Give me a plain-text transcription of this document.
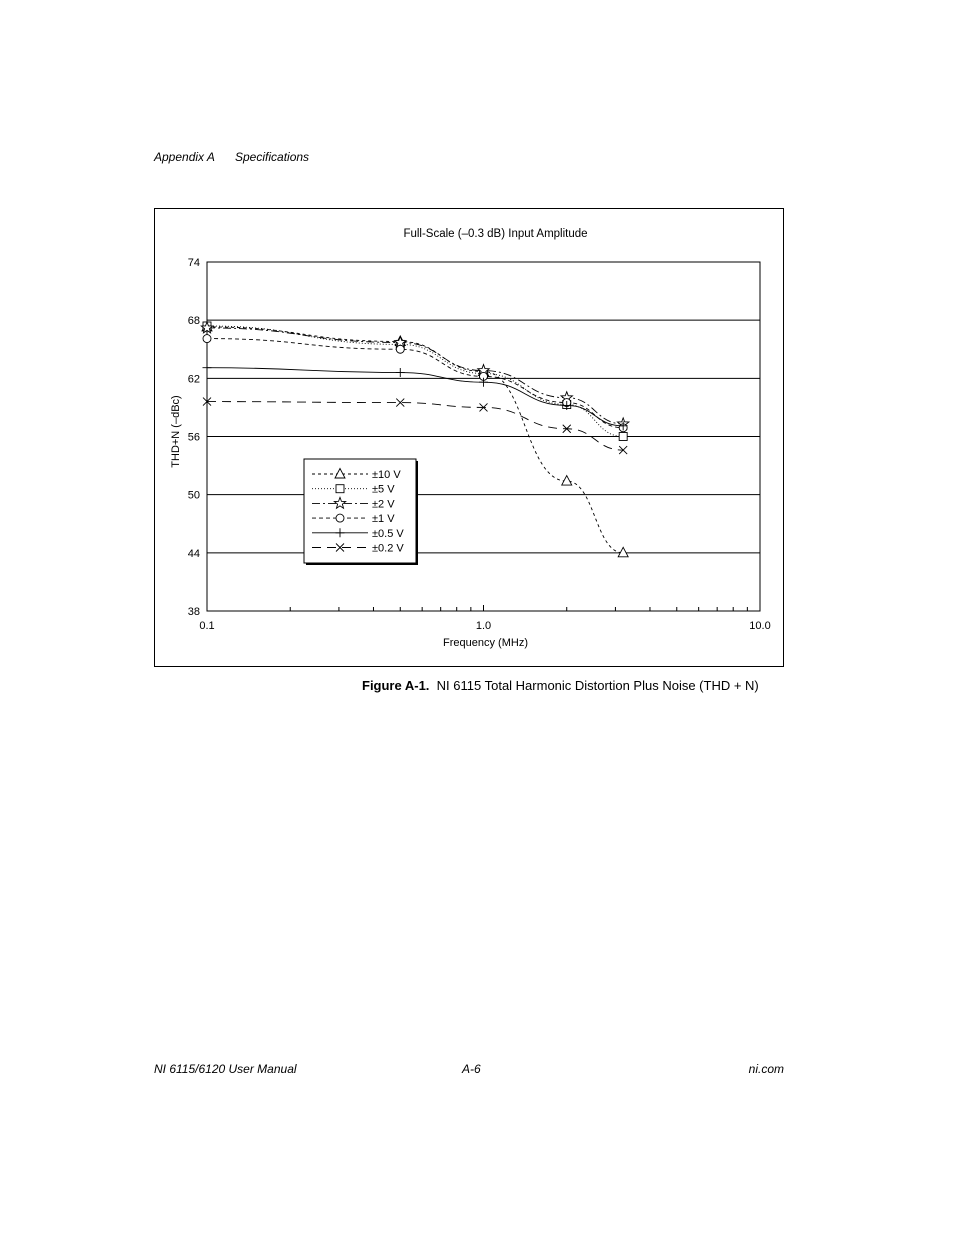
Appendix A Specifications
Full-Scale (–0.3 dB) Input Amplitude
74
68
62
56
50
44
38
0.1	1.0	10.0
Frequency (MHz)
THD+N (–dBc)
±10 V
±5 V
±2 V
±1 V
±0.5 V
±0.2 V
Figure A-1. NI 6115 Total Harmonic Distortion Plus Noise (THD + N)
NI 6115/6120 User Manual	A-6	ni.com
